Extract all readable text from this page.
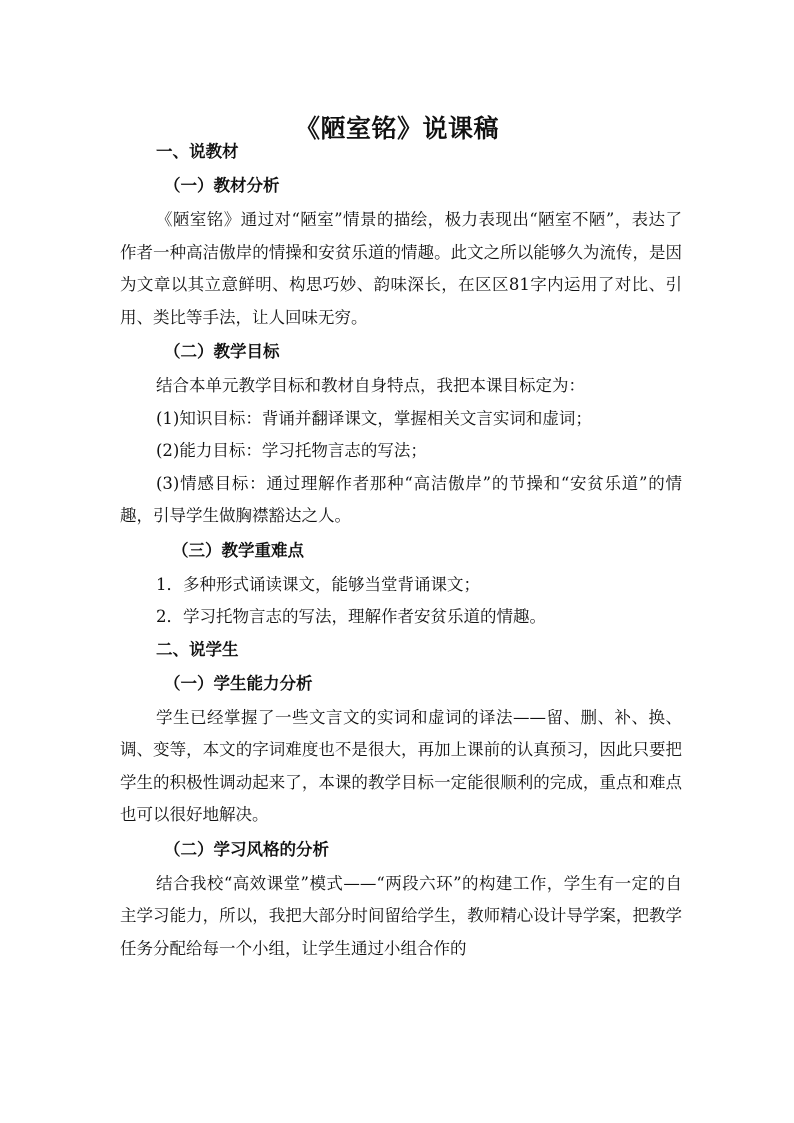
《陋室铭》说课稿
一、说教材
（一）教材分析

《陋室铭》通过对“陋室”情景的描绘，极力表现出“陋室不陋”，表达了作者一种高洁傲岸的情操和安贫乐道的情趣。此文之所以能够久为流传，是因为文章以其立意鲜明、构思巧妙、韵味深长，在区区81字内运用了对比、引用、类比等手法，让人回味无穷。

（二）教学目标

结合本单元教学目标和教材自身特点，我把本课目标定为：

(1)知识目标：背诵并翻译课文，掌握相关文言实词和虚词；

(2)能力目标：学习托物言志的写法；

(3)情感目标：通过理解作者那种“高洁傲岸”的节操和“安贫乐道”的情趣，引导学生做胸襟豁达之人。

（三）教学重难点

1．多种形式诵读课文，能够当堂背诵课文；

2．学习托物言志的写法，理解作者安贫乐道的情趣。

二、说学生
（一）学生能力分析

学生已经掌握了一些文言文的实词和虚词的译法——留、删、补、换、调、变等，本文的字词难度也不是很大，再加上课前的认真预习，因此只要把学生的积极性调动起来了，本课的教学目标一定能很顺利的完成，重点和难点也可以很好地解决。

（二）学习风格的分析

结合我校“高效课堂”模式——“两段六环”的构建工作，学生有一定的自主学习能力，所以，我把大部分时间留给学生，教师精心设计导学案，把教学任务分配给每一个小组，让学生通过小组合作的
